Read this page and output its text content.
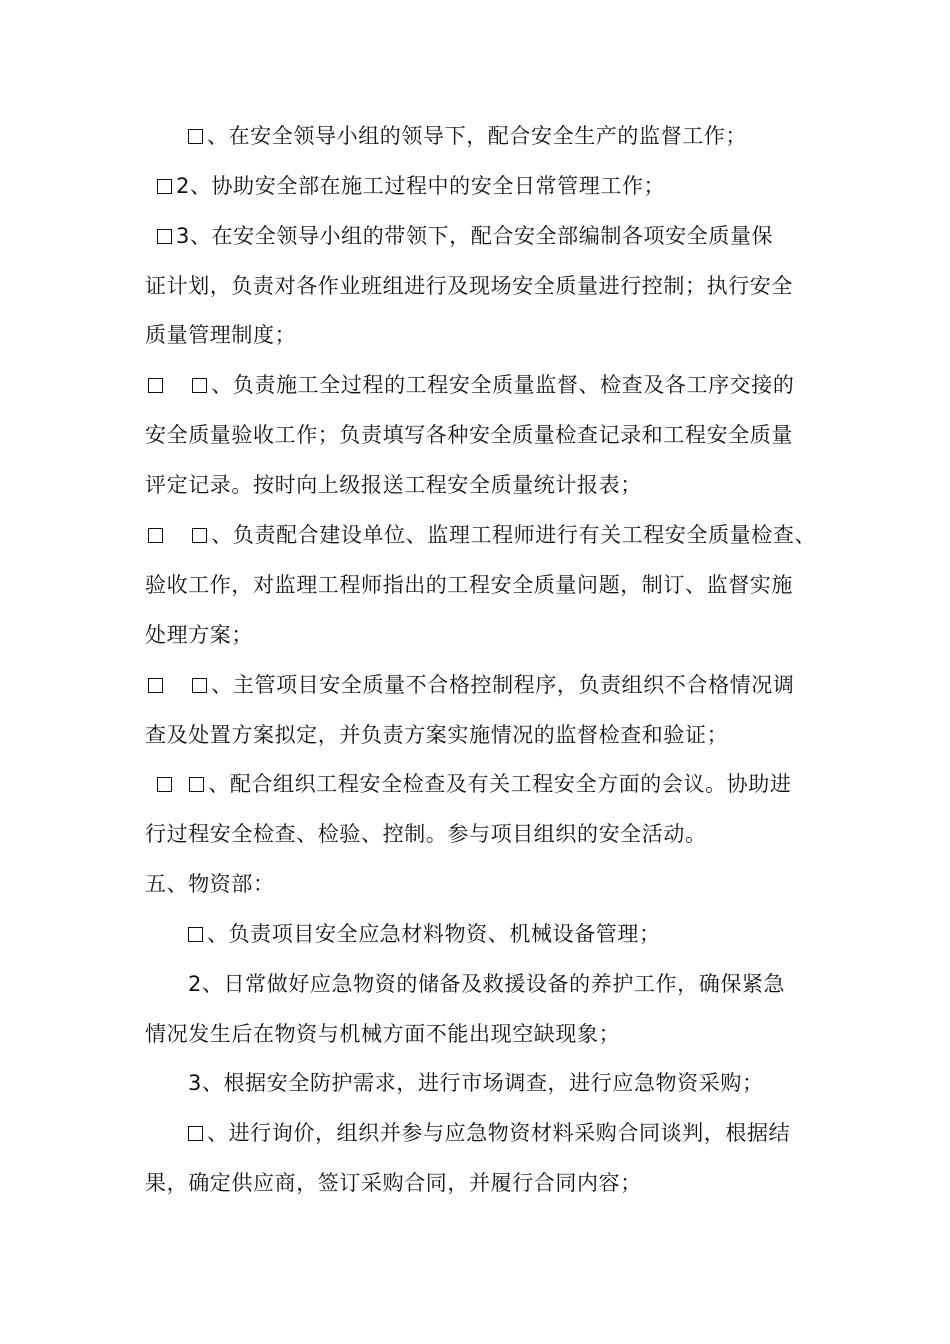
、在安全领导小组的领导下，配合安全生产的监督工作；
2、协助安全部在施工过程中的安全日常管理工作；
3、在安全领导小组的带领下，配合安全部编制各项安全质量保
证计划，负责对各作业班组进行及现场安全质量进行控制；执行安全
质量管理制度；
、负责施工全过程的工程安全质量监督、检查及各工序交接的
安全质量验收工作；负责填写各种安全质量检查记录和工程安全质量
评定记录。按时向上级报送工程安全质量统计报表；
、负责配合建设单位、监理工程师进行有关工程安全质量检查、
验收工作，对监理工程师指出的工程安全质量问题，制订、监督实施
处理方案；
、主管项目安全质量不合格控制程序，负责组织不合格情况调
查及处置方案拟定，并负责方案实施情况的监督检查和验证；
、配合组织工程安全检查及有关工程安全方面的会议。协助进
行过程安全检查、检验、控制。参与项目组织的安全活动。
五、物资部：
、负责项目安全应急材料物资、机械设备管理；
2、日常做好应急物资的储备及救援设备的养护工作，确保紧急
情况发生后在物资与机械方面不能出现空缺现象；
3、根据安全防护需求，进行市场调查，进行应急物资采购；
、进行询价，组织并参与应急物资材料采购合同谈判，根据结
果，确定供应商，签订采购合同，并履行合同内容；
